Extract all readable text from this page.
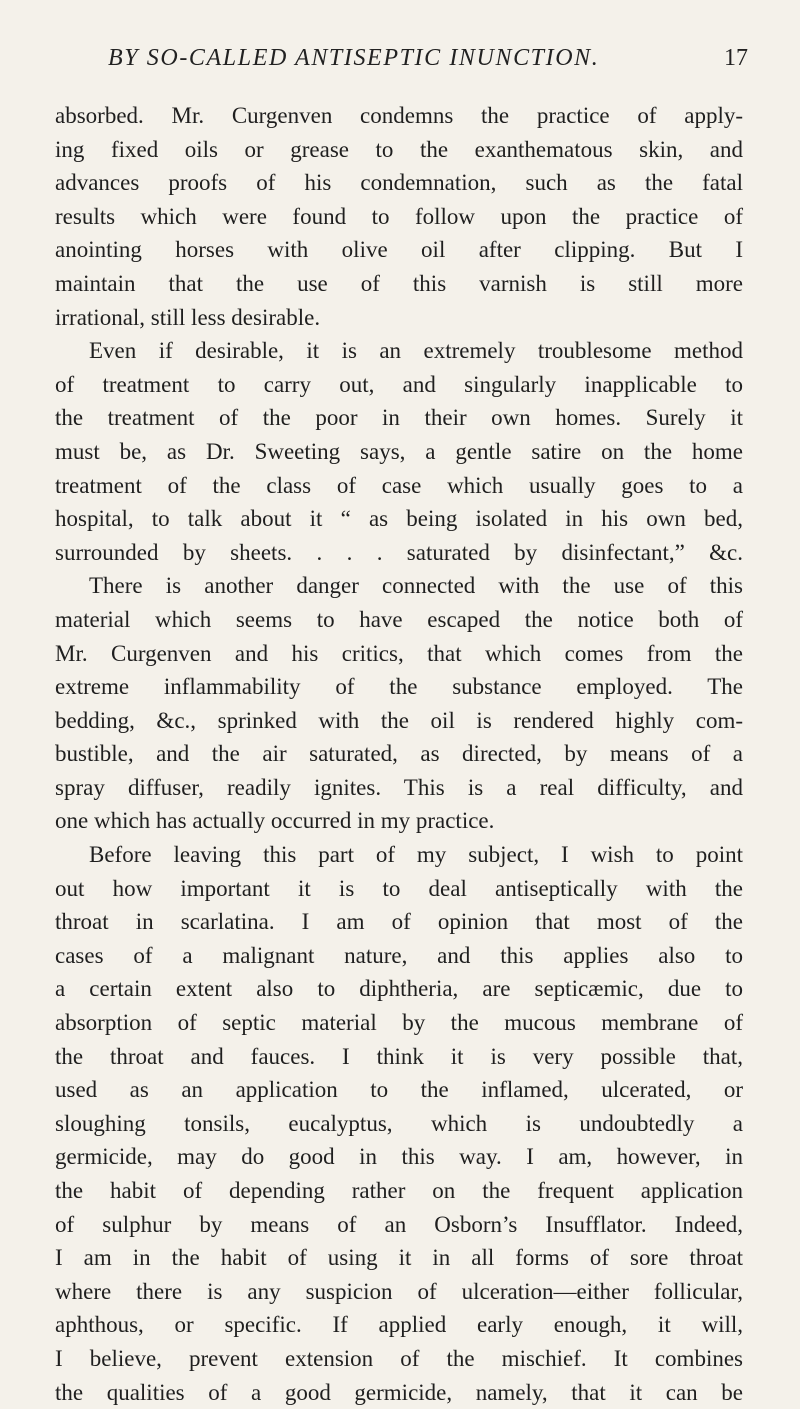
BY SO-CALLED ANTISEPTIC INUNCTION.	17
absorbed. Mr. Curgenven condemns the practice of apply-
ing fixed oils or grease to the exanthematous skin, and
advances proofs of his condemnation, such as the fatal
results which were found to follow upon the practice of
anointing horses with olive oil after clipping. But I
maintain that the use of this varnish is still more
irrational, still less desirable.
Even if desirable, it is an extremely troublesome method
of treatment to carry out, and singularly inapplicable to
the treatment of the poor in their own homes. Surely it
must be, as Dr. Sweeting says, a gentle satire on the home
treatment of the class of case which usually goes to a
hospital, to talk about it “ as being isolated in his own bed,
surrounded by sheets. . . . saturated by disinfectant,” &c.
There is another danger connected with the use of this
material which seems to have escaped the notice both of
Mr. Curgenven and his critics, that which comes from the
extreme inflammability of the substance employed. The
bedding, &c., sprinked with the oil is rendered highly com-
bustible, and the air saturated, as directed, by means of a
spray diffuser, readily ignites. This is a real difficulty, and
one which has actually occurred in my practice.
Before leaving this part of my subject, I wish to point
out how important it is to deal antiseptically with the
throat in scarlatina. I am of opinion that most of the
cases of a malignant nature, and this applies also to
a certain extent also to diphtheria, are septicæmic, due to
absorption of septic material by the mucous membrane of
the throat and fauces. I think it is very possible that,
used as an application to the inflamed, ulcerated, or
sloughing tonsils, eucalyptus, which is undoubtedly a
germicide, may do good in this way. I am, however, in
the habit of depending rather on the frequent application
of sulphur by means of an Osborn’s Insufflator. Indeed,
I am in the habit of using it in all forms of sore throat
where there is any suspicion of ulceration—either follicular,
aphthous, or specific. If applied early enough, it will,
I believe, prevent extension of the mischief. It combines
the qualities of a good germicide, namely, that it can be
